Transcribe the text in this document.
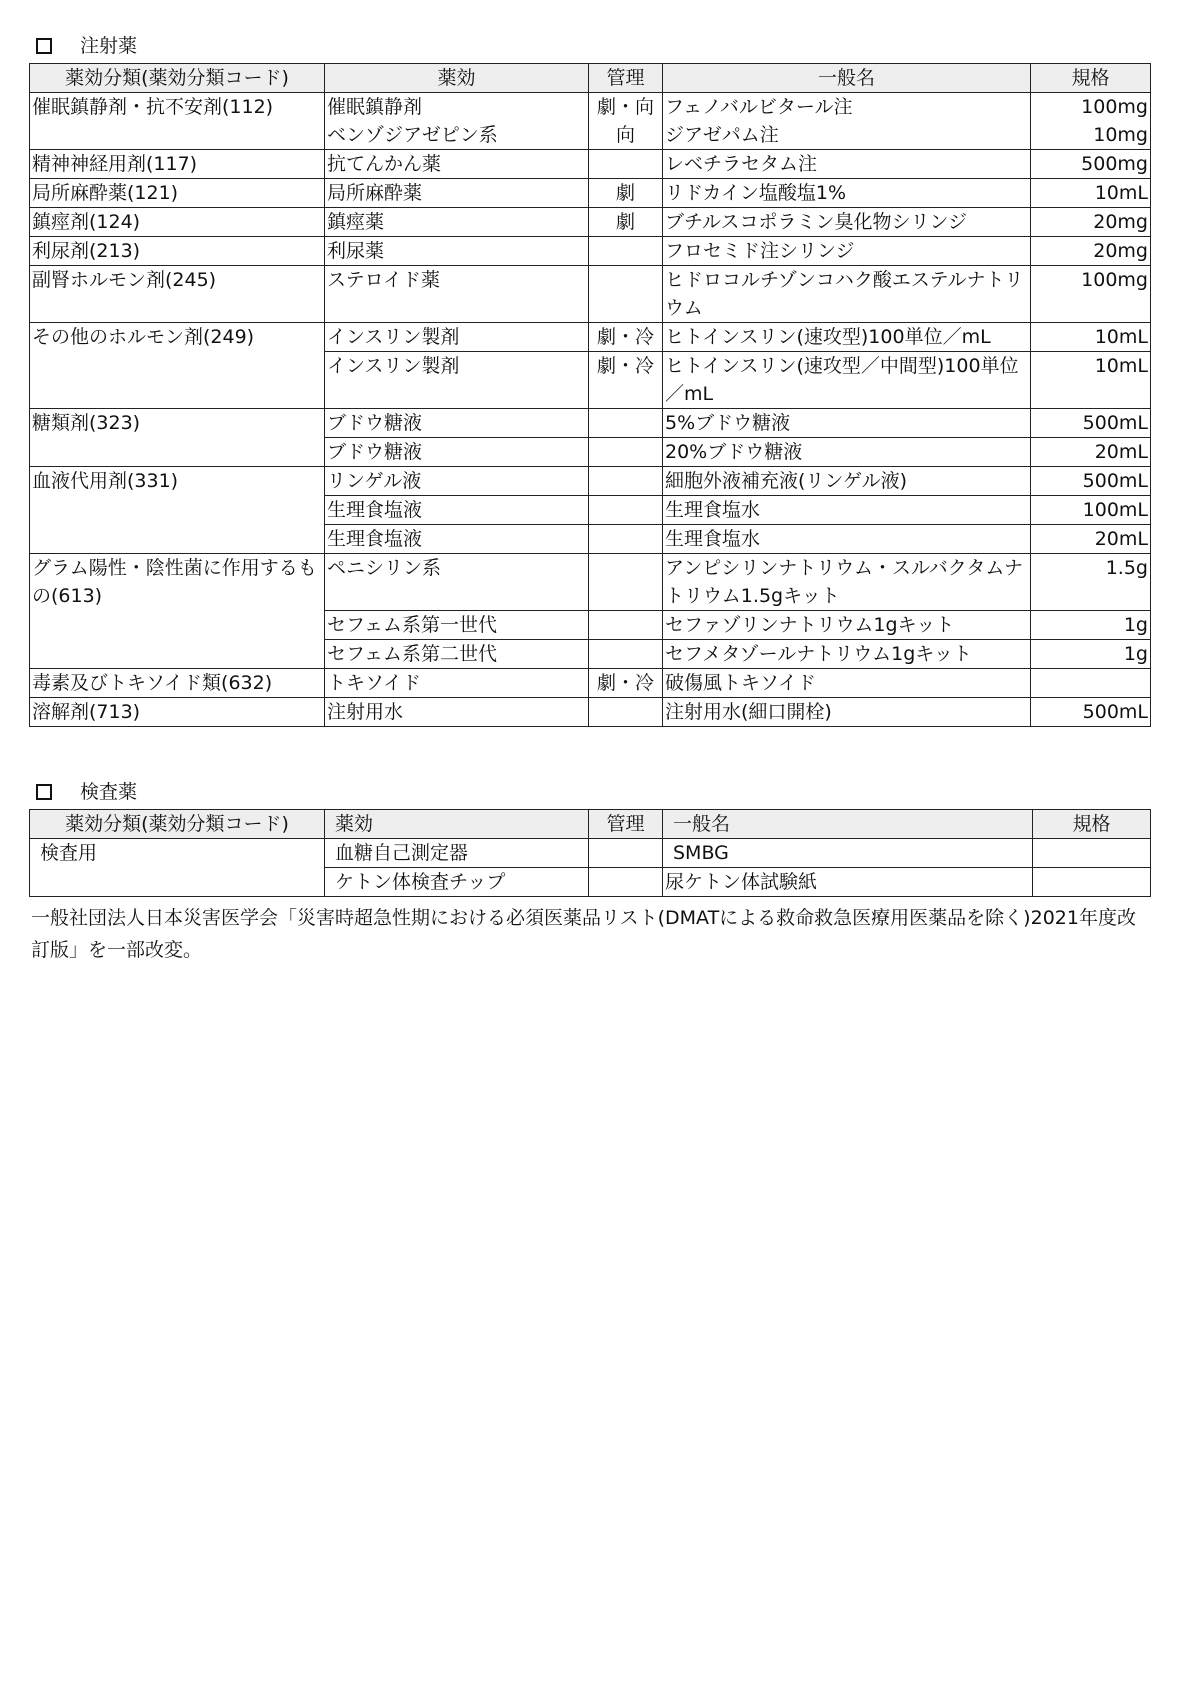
注射薬
薬効分類(薬効分類コード)	薬効	管理	一般名	規格
催眠鎮静剤・抗不安剤(112)	催眠鎮静剤	劇・向	フェノバルビタール注	100mg
	ベンゾジアゼピン系	向	ジアゼパム注	10mg
精神神経用剤(117)	抗てんかん薬		レベチラセタム注	500mg
局所麻酔薬(121)	局所麻酔薬	劇	リドカイン塩酸塩1%	10mL
鎮痙剤(124)	鎮痙薬	劇	ブチルスコポラミン臭化物シリンジ	20mg
利尿剤(213)	利尿薬		フロセミド注シリンジ	20mg
副腎ホルモン剤(245)	ステロイド薬		ヒドロコルチゾンコハク酸エステルナトリウム	100mg
その他のホルモン剤(249)	インスリン製剤	劇・冷	ヒトインスリン(速攻型)100単位／mL	10mL
	インスリン製剤	劇・冷	ヒトインスリン(速攻型／中間型)100単位／mL	10mL
糖類剤(323)	ブドウ糖液		5%ブドウ糖液	500mL
	ブドウ糖液		20%ブドウ糖液	20mL
血液代用剤(331)	リンゲル液		細胞外液補充液(リンゲル液)	500mL
	生理食塩液		生理食塩水	100mL
	生理食塩液		生理食塩水	20mL
グラム陽性・陰性菌に作用するもの(613)	ペニシリン系		アンピシリンナトリウム・スルバクタムナトリウム1.5gキット	1.5g
	セフェム系第一世代		セファゾリンナトリウム1gキット	1g
	セフェム系第二世代		セフメタゾールナトリウム1gキット	1g
毒素及びトキソイド類(632)	トキソイド	劇・冷	破傷風トキソイド	
溶解剤(713)	注射用水		注射用水(細口開栓)	500mL
検査薬
薬効分類(薬効分類コード)	薬効	管理	一般名	規格
検査用	血糖自己測定器		SMBG	
	ケトン体検査チップ		尿ケトン体試験紙	
一般社団法人日本災害医学会「災害時超急性期における必須医薬品リスト(DMATによる救命救急医療用医薬品を除く)2021年度改訂版」を一部改変。
